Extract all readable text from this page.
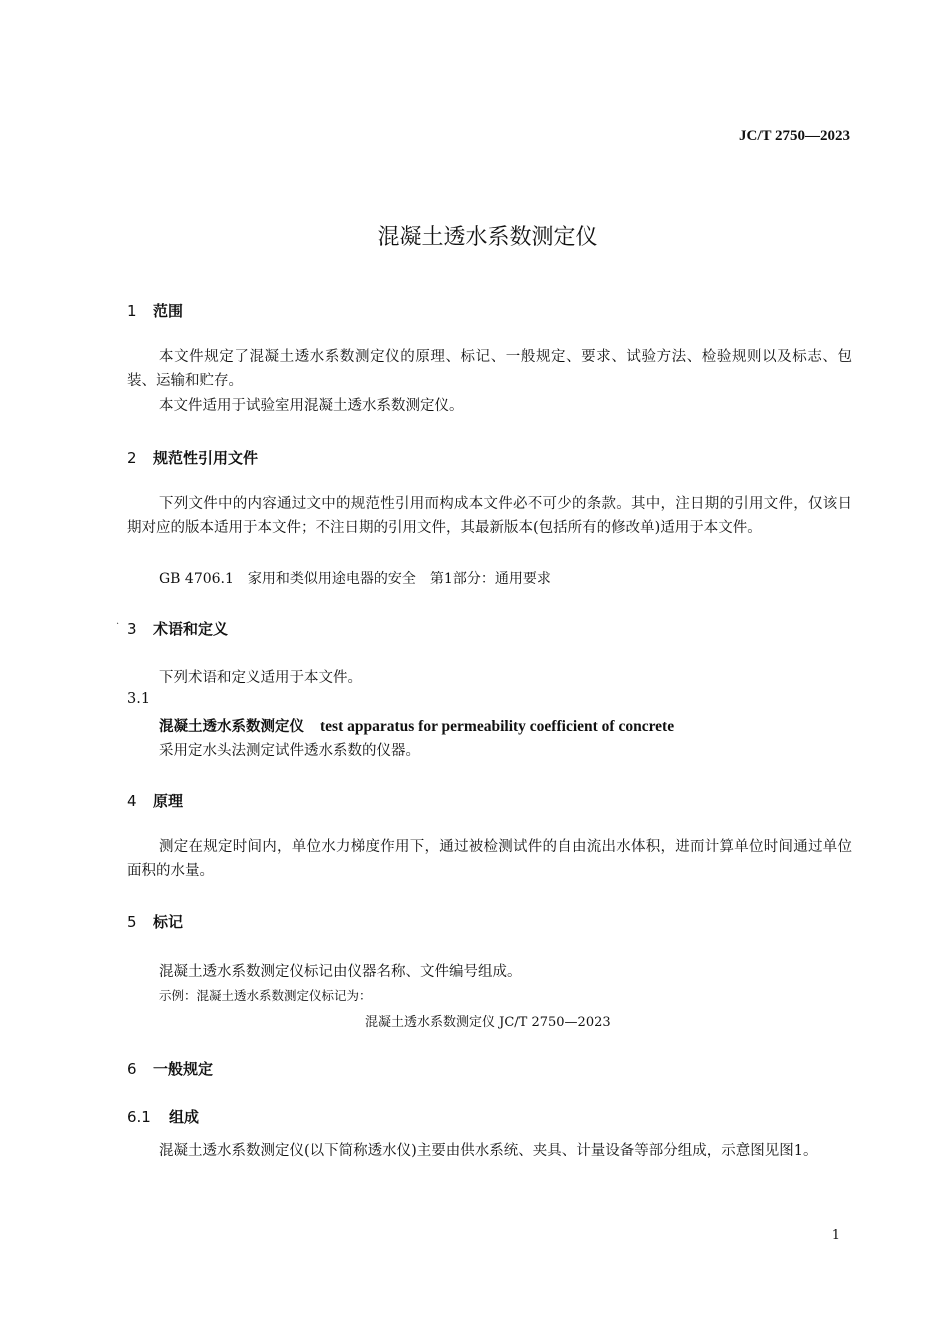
JC/T 2750—2023
混凝土透水系数测定仪
1 范围
本文件规定了混凝土透水系数测定仪的原理、标记、一般规定、要求、试验方法、检验规则以及标志、包装、运输和贮存。
本文件适用于试验室用混凝土透水系数测定仪。
2 规范性引用文件
下列文件中的内容通过文中的规范性引用而构成本文件必不可少的条款。其中，注日期的引用文件，仅该日期对应的版本适用于本文件；不注日期的引用文件，其最新版本(包括所有的修改单)适用于本文件。
GB 4706.1　家用和类似用途电器的安全　第1部分：通用要求
· 3 术语和定义
下列术语和定义适用于本文件。
3.1
混凝土透水系数测定仪 test apparatus for permeability coefficient of concrete
采用定水头法测定试件透水系数的仪器。
4 原理
测定在规定时间内，单位水力梯度作用下，通过被检测试件的自由流出水体积，进而计算单位时间通过单位面积的水量。
5 标记
混凝土透水系数测定仪标记由仪器名称、文件编号组成。
示例：混凝土透水系数测定仪标记为：
混凝土透水系数测定仪 JC/T 2750—2023
6 一般规定
6.1 组成
混凝土透水系数测定仪(以下简称透水仪)主要由供水系统、夹具、计量设备等部分组成，示意图见图1。
1
